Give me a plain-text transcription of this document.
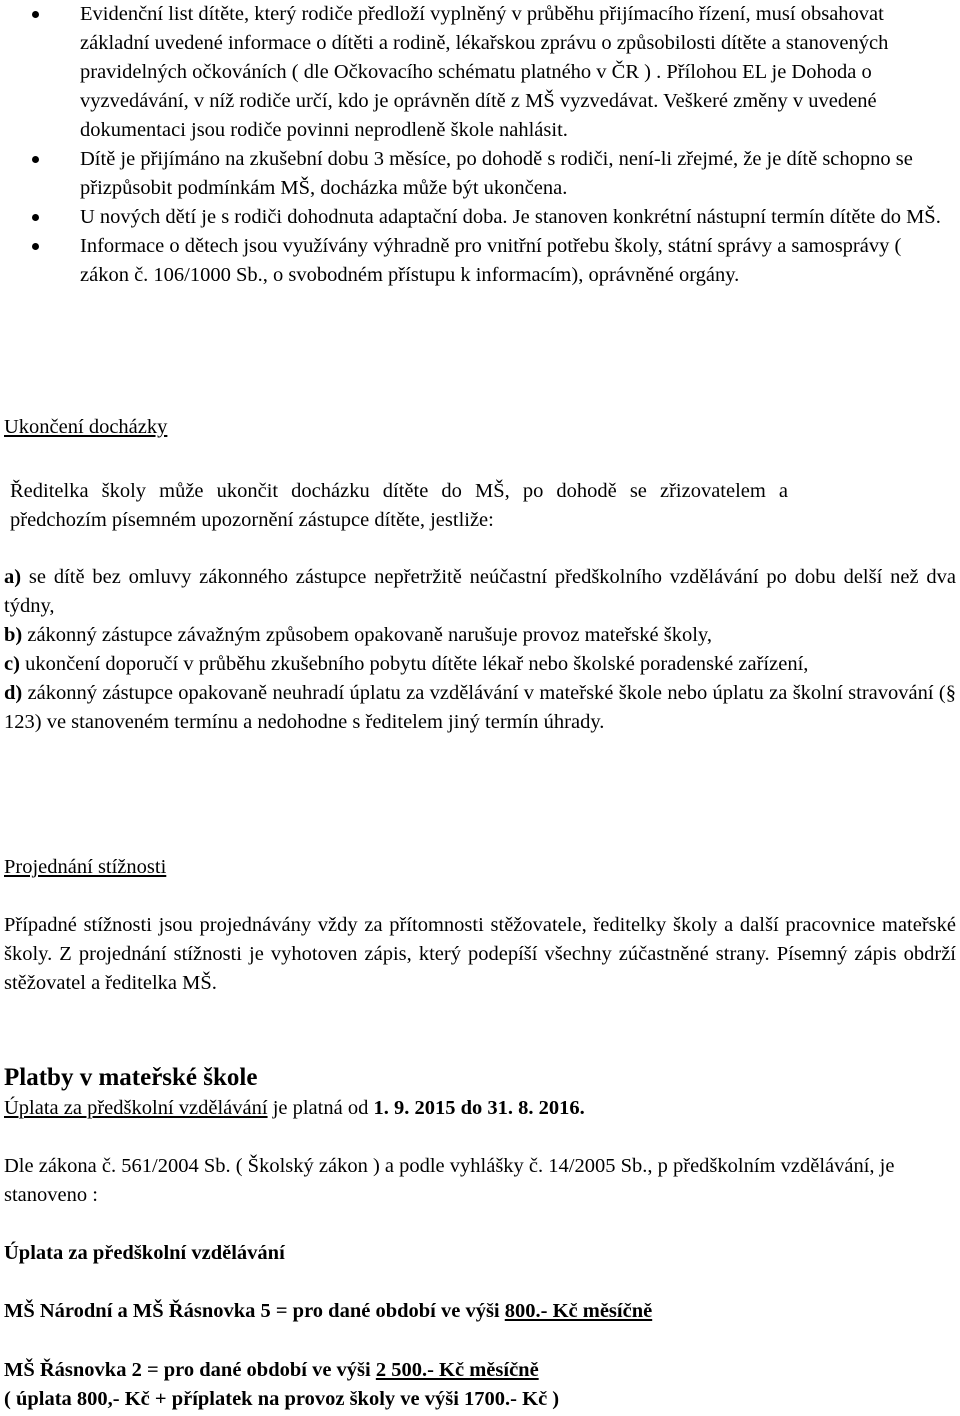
Evidenční list dítěte, který rodiče předloží vyplněný v průběhu přijímacího řízení, musí obsahovat základní uvedené informace o dítěti a rodině, lékařskou zprávu o způsobilosti dítěte a stanovených pravidelných očkováních ( dle Očkovacího schématu platného v ČR ) . Přílohou EL je Dohoda o vyzvedávání, v níž rodiče určí, kdo je oprávněn dítě z MŠ vyzvedávat. Veškeré změny v uvedené dokumentaci jsou rodiče povinni neprodleně škole nahlásit.
Dítě je přijímáno na zkušební dobu 3 měsíce, po dohodě s rodiči, není-li zřejmé, že je dítě schopno se přizpůsobit podmínkám MŠ, docházka může být ukončena.
U nových dětí je s rodiči dohodnuta adaptační doba. Je stanoven konkrétní nástupní termín dítěte do MŠ.
Informace o dětech jsou využívány výhradně pro vnitřní potřebu školy, státní správy a samosprávy ( zákon č. 106/1000 Sb., o svobodném přístupu k informacím), oprávněné orgány.
Ukončení docházky
Ředitelka školy může ukončit docházku dítěte do MŠ, po dohodě se zřizovatelem a předchozím písemném upozornění zástupce dítěte, jestliže:
a) se dítě bez omluvy zákonného zástupce nepřetržitě neúčastní předškolního vzdělávání po dobu delší než dva týdny,
b) zákonný zástupce závažným způsobem opakovaně narušuje provoz mateřské školy,
c) ukončení doporučí v průběhu zkušebního pobytu dítěte lékař nebo školské poradenské zařízení,
d) zákonný zástupce opakovaně neuhradí úplatu za vzdělávání v mateřské škole nebo úplatu za školní stravování (§ 123) ve stanoveném termínu a nedohodne s ředitelem jiný termín úhrady.
Projednání stížnosti
Případné stížnosti jsou projednávány vždy za přítomnosti stěžovatele, ředitelky školy a další pracovnice mateřské školy. Z projednání stížnosti je vyhotoven zápis, který podepíší všechny zúčastněné strany. Písemný zápis obdrží stěžovatel a ředitelka MŠ.
Platby v mateřské škole
Úplata za předškolní vzdělávání je platná od 1. 9. 2015 do 31. 8. 2016.
Dle zákona č. 561/2004 Sb. ( Školský zákon ) a podle vyhlášky č. 14/2005 Sb., p předškolním vzdělávání, je stanoveno :
Úplata za předškolní vzdělávání
MŠ Národní a MŠ Řásnovka 5 = pro dané období ve výši 800.- Kč měsíčně
MŠ Řásnovka 2 = pro dané období ve výši 2 500.- Kč měsíčně
( úplata 800,- Kč + příplatek na provoz školy ve výši 1700.- Kč )
